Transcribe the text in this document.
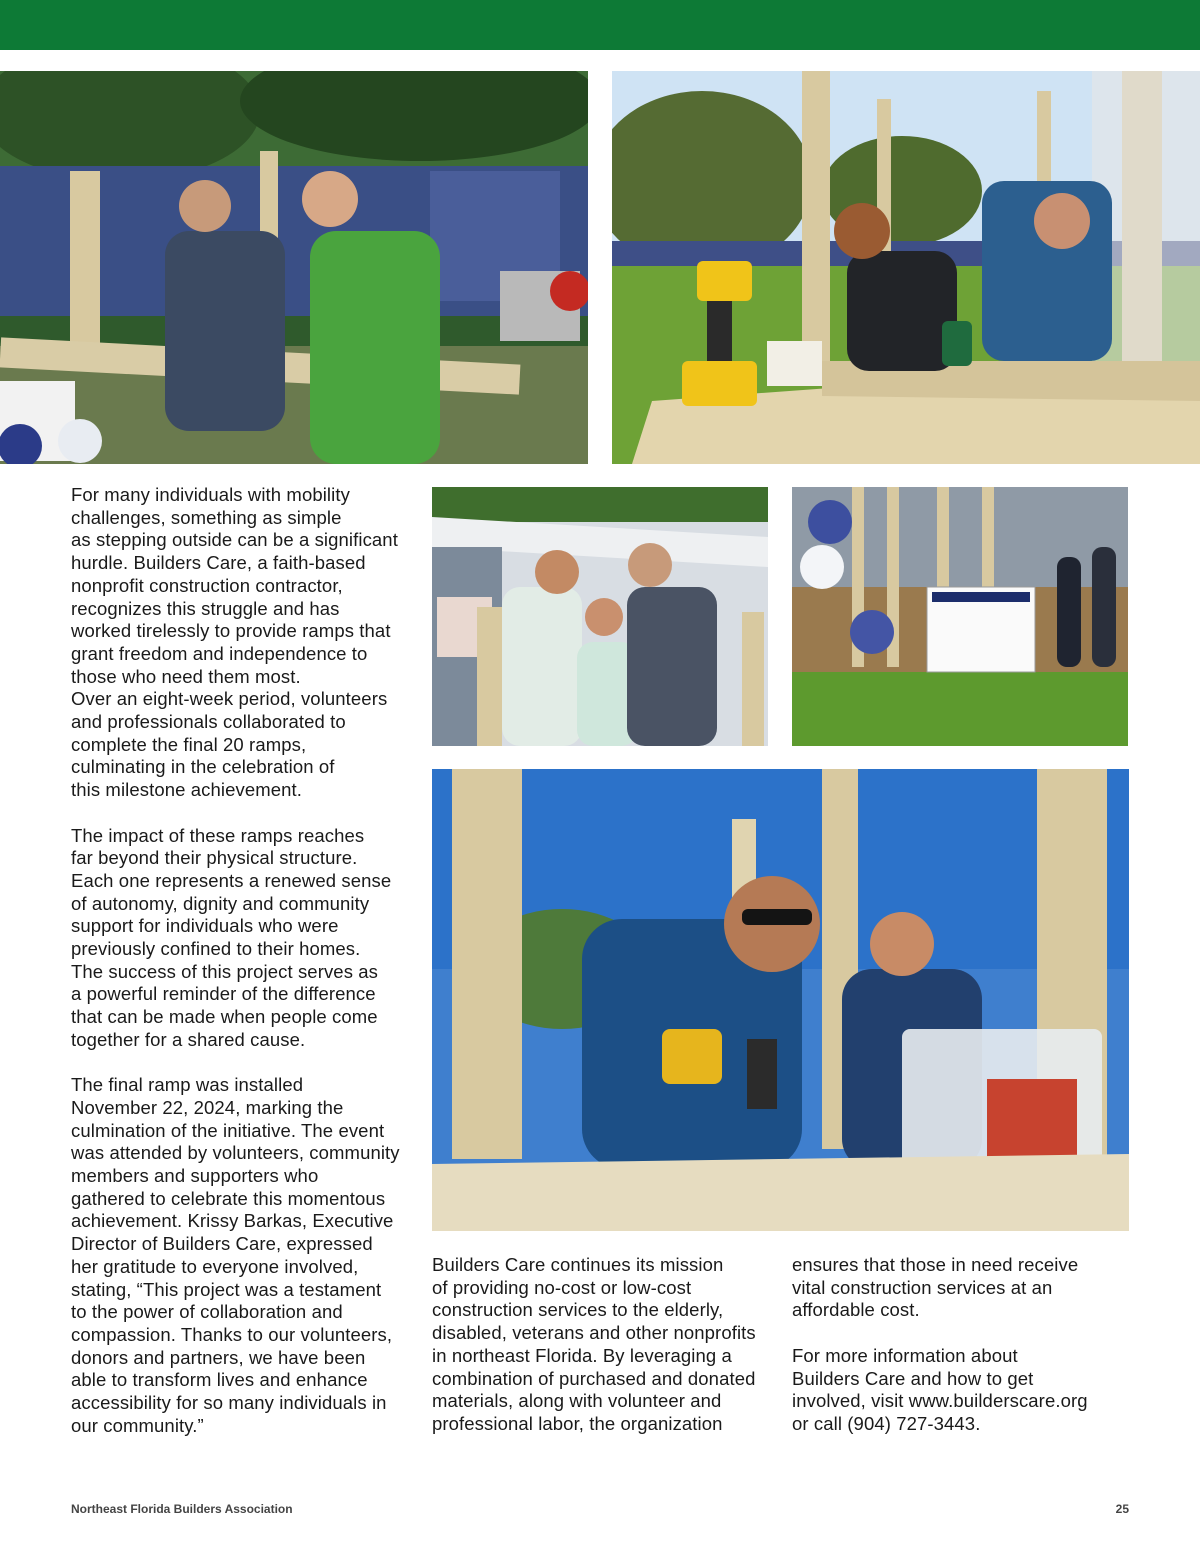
For many individuals with mobility
challenges, something as simple
as stepping outside can be a significant
hurdle. Builders Care, a faith-based
nonprofit construction contractor,
recognizes this struggle and has
worked tirelessly to provide ramps that
grant freedom and independence to
those who need them most.
Over an eight-week period, volunteers
and professionals collaborated to
complete the final 20 ramps,
culminating in the celebration of
this milestone achievement.

The impact of these ramps reaches
far beyond their physical structure.
Each one represents a renewed sense
of autonomy, dignity and community
support for individuals who were
previously confined to their homes.
The success of this project serves as
a powerful reminder of the difference
that can be made when people come
together for a shared cause.

The final ramp was installed
November 22, 2024, marking the
culmination of the initiative. The event
was attended by volunteers, community
members and supporters who
gathered to celebrate this momentous
achievement. Krissy Barkas, Executive
Director of Builders Care, expressed
her gratitude to everyone involved,
stating, “This project was a testament
to the power of collaboration and
compassion. Thanks to our volunteers,
donors and partners, we have been
able to transform lives and enhance
accessibility for so many individuals in
our community.”

Builders Care continues its mission
of providing no-cost or low-cost
construction services to the elderly,
disabled, veterans and other nonprofits
in northeast Florida. By leveraging a
combination of purchased and donated
materials, along with volunteer and
professional labor, the organization

ensures that those in need receive
vital construction services at an
affordable cost.

For more information about
Builders Care and how to get
involved, visit www.builderscare.org
or call (904) 727-3443.

Northeast Florida Builders Association	25
